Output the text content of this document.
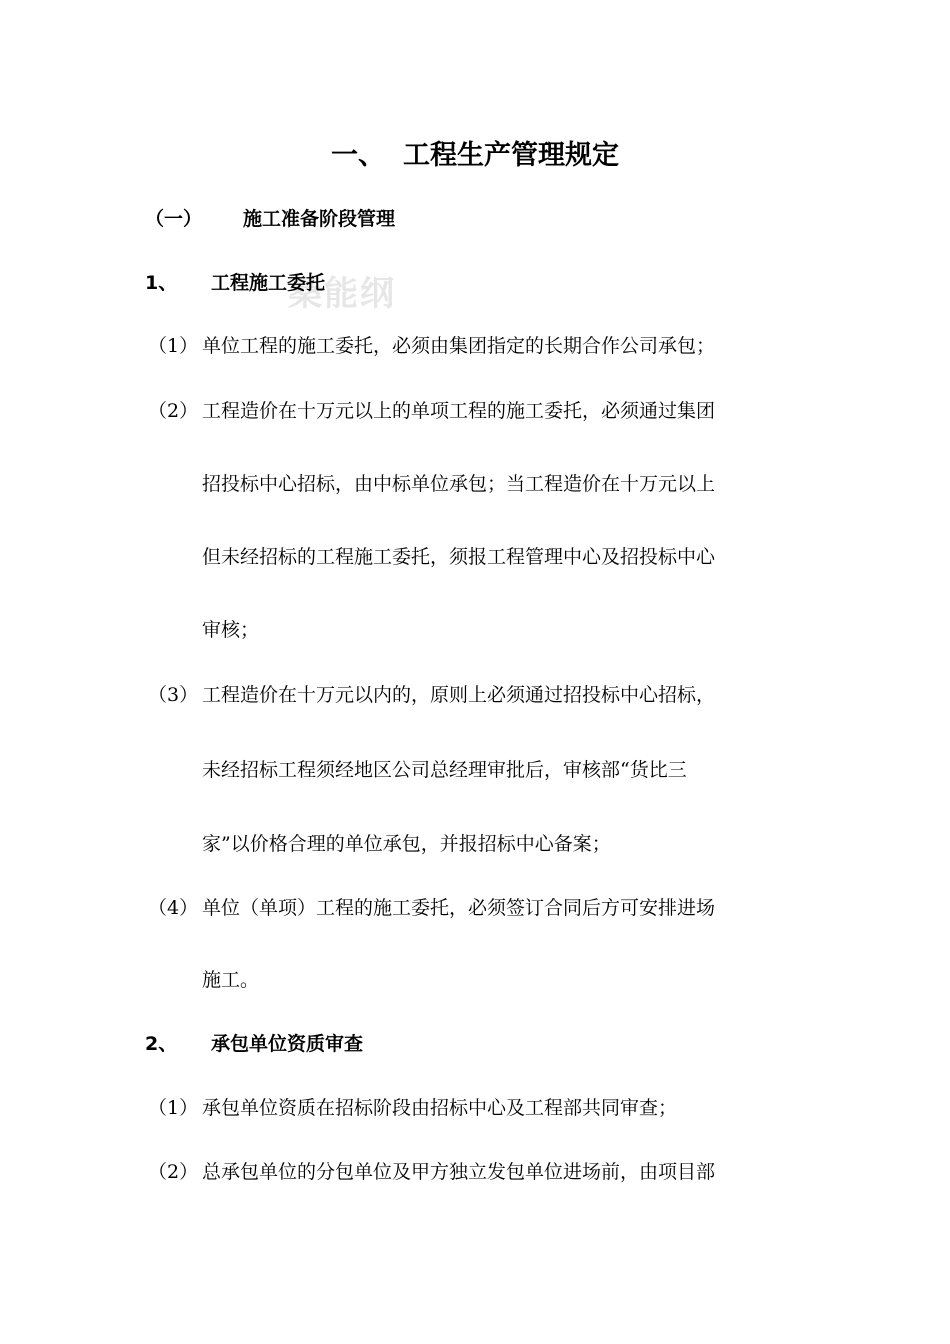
桑能纲
一、 工程生产管理规定
（一） 施工准备阶段管理
1、 工程施工委托
（1） 单位工程的施工委托，必须由集团指定的长期合作公司承包；
（2） 工程造价在十万元以上的单项工程的施工委托，必须通过集团
招投标中心招标，由中标单位承包；当工程造价在十万元以上
但未经招标的工程施工委托，须报工程管理中心及招投标中心
审核；
（3） 工程造价在十万元以内的，原则上必须通过招投标中心招标，
未经招标工程须经地区公司总经理审批后，审核部“货比三
家”以价格合理的单位承包，并报招标中心备案；
（4） 单位（单项）工程的施工委托，必须签订合同后方可安排进场
施工。
2、 承包单位资质审查
（1） 承包单位资质在招标阶段由招标中心及工程部共同审查；
（2） 总承包单位的分包单位及甲方独立发包单位进场前，由项目部
